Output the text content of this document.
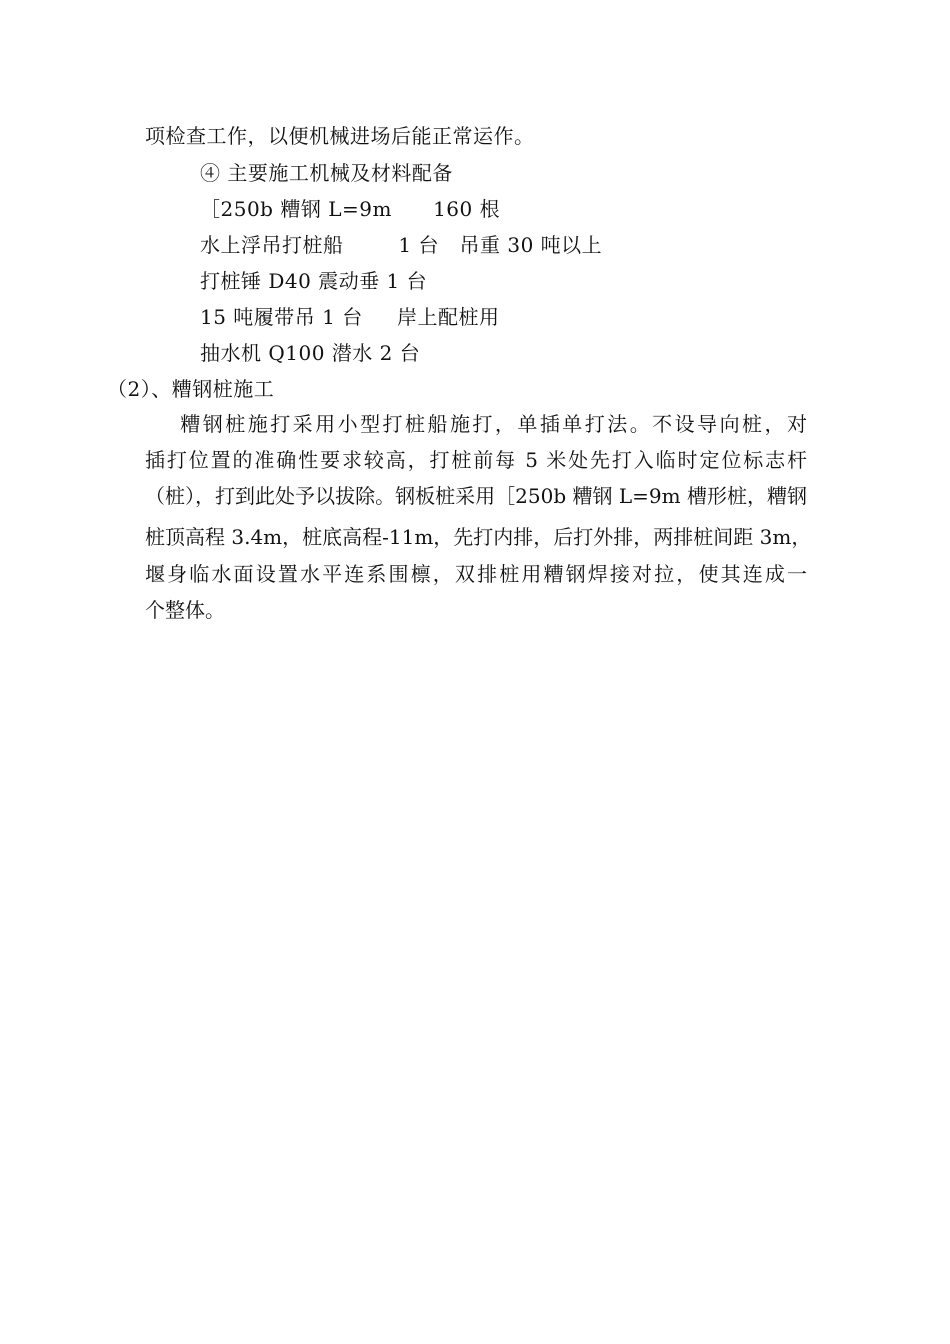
项检查工作，以便机械进场后能正常运作。
④ 主要施工机械及材料配备
［250b 糟钢 L=9m      160 根
水上浮吊打桩船        1 台   吊重 30 吨以上
打桩锤 D40 震动垂 1 台
15 吨履带吊 1 台     岸上配桩用
抽水机 Q100 潜水 2 台
（2）、糟钢桩施工
糟钢桩施打采用小型打桩船施打，单插单打法。不设导向桩，对
插打位置的准确性要求较高，打桩前每 5 米处先打入临时定位标志杆
（桩），打到此处予以拔除。钢板桩采用［250b 糟钢 L=9m 槽形桩，糟钢
桩顶高程 3.4m，桩底高程-11m，先打内排，后打外排，两排桩间距 3m，
堰身临水面设置水平连系围檩，双排桩用糟钢焊接对拉，使其连成一
个整体。
